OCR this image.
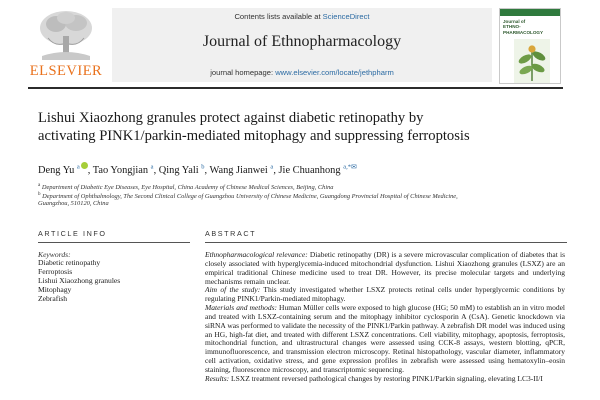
ELSEVIER
Contents lists available at ScienceDirect
Journal of Ethnopharmacology
journal homepage: www.elsevier.com/locate/jethpharm
Journal of
ETHNO-
PHARMACOLOGY
Lishui Xiaozhong granules protect against diabetic retinopathy by
activating PINK1/parkin-mediated mitophagy and suppressing ferroptosis
Deng Yu $^a$ , Tao Yongjian $^a$, Qing Yali $^b$, Wang Jianwei $^a$, Jie Chuanhong $^{a,*✉}$
$^a$ Department of Diabetic Eye Diseases, Eye Hospital, China Academy of Chinese Medical Sciences, Beijing, China
$^b$ Department of Ophthalmology, The Second Clinical College of Guangzhou University of Chinese Medicine, Guangdong Provincial Hospital of Chinese Medicine,
Guangzhou, 510120, China
ARTICLE INFO
Keywords:
Diabetic retinopathy
Ferroptosis
Lishui Xiaozhong granules
Mitophagy
Zebrafish
ABSTRACT

Ethnopharmacological relevance: Diabetic retinopathy (DR) is a severe microvascular complication of diabetes that is closely associated with hyperglycemia-induced mitochondrial dysfunction. Lishui Xiaozhong granules (LSXZ) are an empirical traditional Chinese medicine used to treat DR. However, its precise molecular targets and underlying mechanisms remain unclear.

Aim of the study: This study investigated whether LSXZ protects retinal cells under hyperglycemic conditions by regulating PINK1/Parkin-mediated mitophagy.

Materials and methods: Human Müller cells were exposed to high glucose (HG; 50 mM) to establish an in vitro model and treated with LSXZ-containing serum and the mitophagy inhibitor cyclosporin A (CsA). Genetic knockdown via siRNA was performed to validate the necessity of the PINK1/Parkin pathway. A zebrafish DR model was induced using an HG, high-fat diet, and treated with different LSXZ concentrations. Cell viability, mitophagy, apoptosis, ferroptosis, mitochondrial function, and ultrastructural changes were assessed using CCK-8 assays, western blotting, qPCR, immunofluorescence, and transmission electron microscopy. Retinal histopathology, vascular diameter, inflammatory cell activation, oxidative stress, and gene expression profiles in zebrafish were assessed using hematoxylin–eosin staining, fluorescence microscopy, and transcriptomic sequencing.

Results: LSXZ treatment reversed pathological changes by restoring PINK1/Parkin signaling, elevating LC3-II/I
